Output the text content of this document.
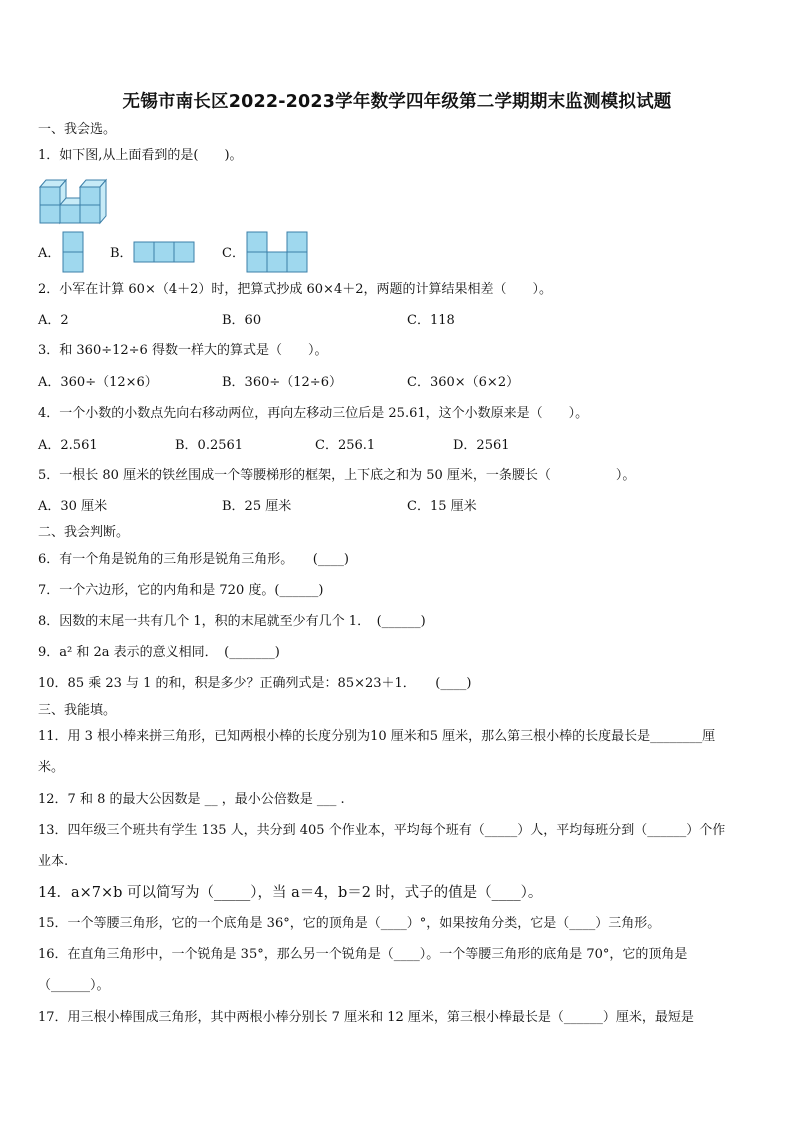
无锡市南长区2022-2023学年数学四年级第二学期期末监测模拟试题
一、我会选。
1．如下图,从上面看到的是(　　)。
A．	B．	C．
2．小军在计算 60×（4＋2）时，把算式抄成 60×4＋2，两题的计算结果相差（　　）。
A．2	B．60	C．118
3．和 360÷12÷6 得数一样大的算式是（　　）。
A．360÷（12×6）	B．360÷（12÷6）	C．360×（6×2）
4．一个小数的小数点先向右移动两位，再向左移动三位后是 25.61，这个小数原来是（　　）。
A．2.561	B．0.2561	C．256.1	D．2561
5．一根长 80 厘米的铁丝围成一个等腰梯形的框架，上下底之和为 50 厘米，一条腰长（　　　　　）。
A．30 厘米	B．25 厘米	C．15 厘米
二、我会判断。
6．有一个角是锐角的三角形是锐角三角形。　　(____)
7．一个六边形，它的内角和是 720 度。(______)
8．因数的末尾一共有几个 1，积的末尾就至少有几个 1．　(______)
9．a² 和 2a 表示的意义相同．　(_______)
10．85 乘 23 与 1 的和，积是多少？正确列式是：85×23＋1．　　(____)
三、我能填。
11．用 3 根小棒来拼三角形，已知两根小棒的长度分别为10 厘米和5 厘米，那么第三根小棒的长度最长是________厘
米。
12．7 和 8 的最大公因数是 __ ，最小公倍数是 ___ .
13．四年级三个班共有学生 135 人，共分到 405 个作业本，平均每个班有（_____）人，平均每班分到（______）个作
业本.
14．a×7×b 可以简写为（_____），当 a＝4，b＝2 时，式子的值是（____）。
15．一个等腰三角形，它的一个底角是 36°，它的顶角是（____）°，如果按角分类，它是（____）三角形。
16．在直角三角形中，一个锐角是 35°，那么另一个锐角是（____）。一个等腰三角形的底角是 70°，它的顶角是
（______）。
17．用三根小棒围成三角形，其中两根小棒分别长 7 厘米和 12 厘米，第三根小棒最长是（______）厘米，最短是
